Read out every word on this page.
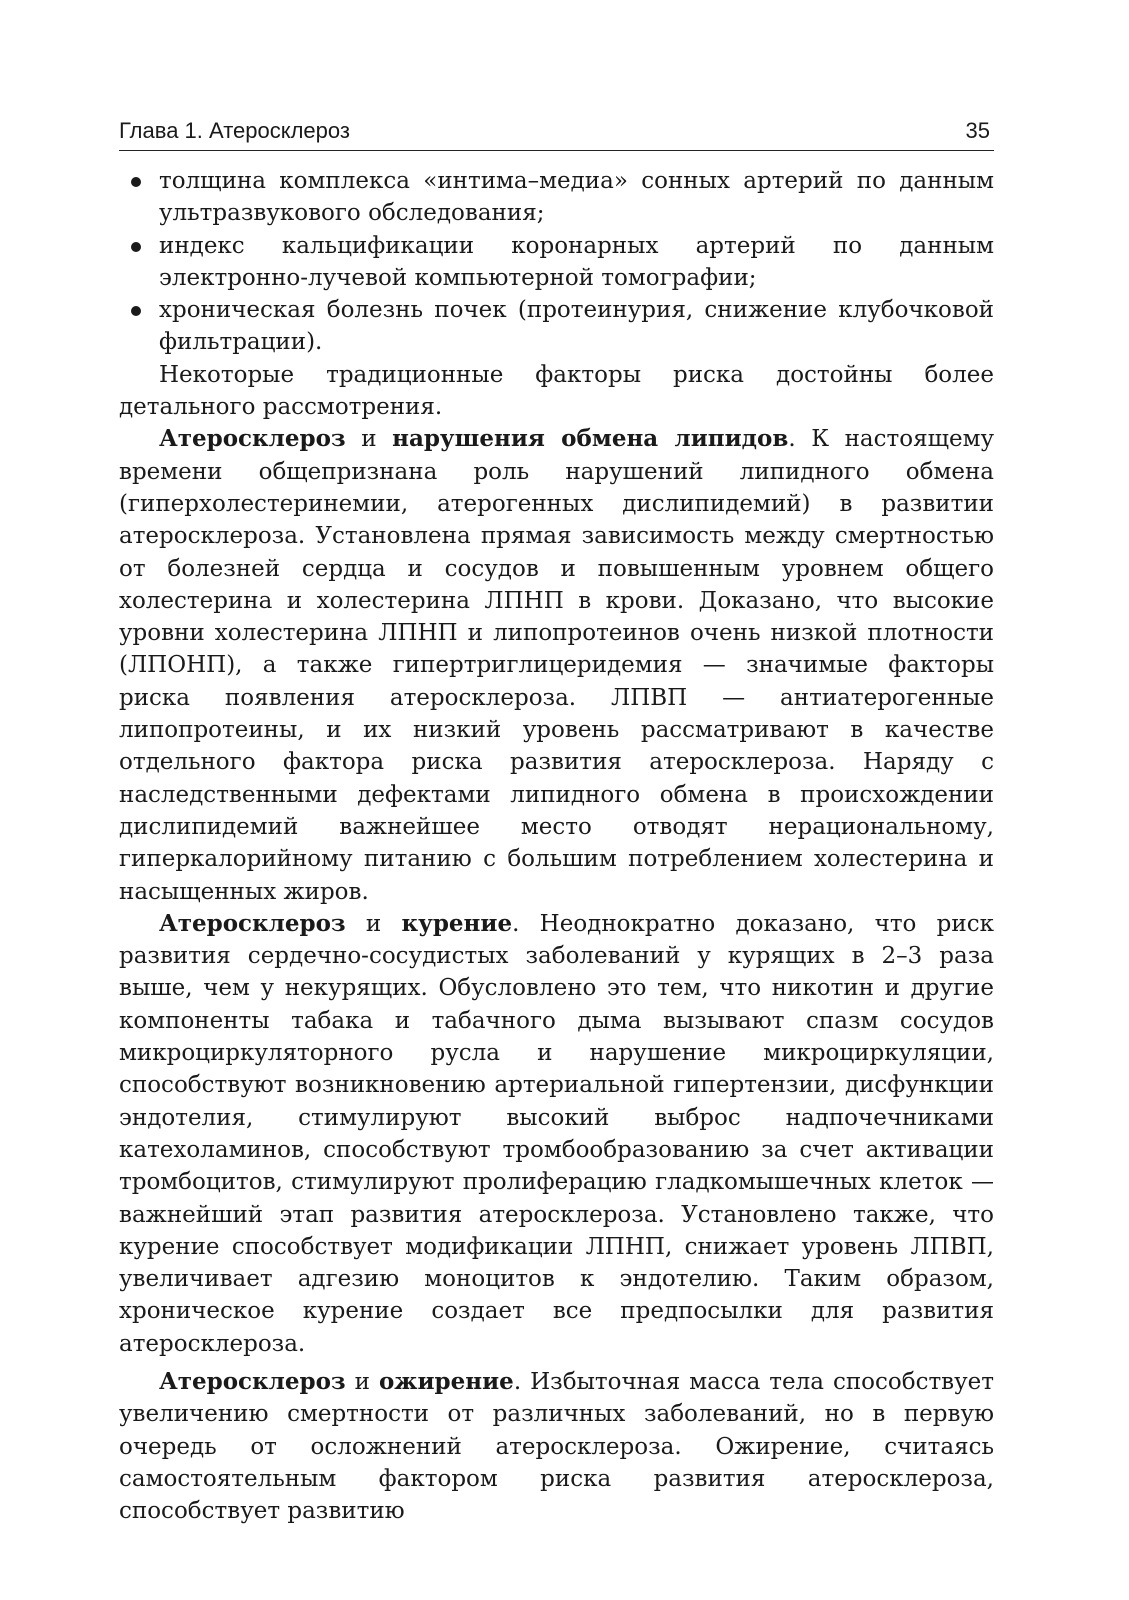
Глава 1. Атеросклероз	35
толщина комплекса «интима–медиа» сонных артерий по данным ультразвукового обследования;
индекс кальцификации коронарных артерий по данным электронно-лучевой компьютерной томографии;
хроническая болезнь почек (протеинурия, снижение клубочковой фильтрации).

Некоторые традиционные факторы риска достойны более детального рассмотрения.

Атеросклероз и нарушения обмена липидов. К настоящему времени общепризнана роль нарушений липидного обмена (гиперхолестеринемии, атерогенных дислипидемий) в развитии атеросклероза. Установлена прямая зависимость между смертностью от болезней сердца и сосудов и повышенным уровнем общего холестерина и холестерина ЛПНП в крови. Доказано, что высокие уровни холестерина ЛПНП и липопротеинов очень низкой плотности (ЛПОНП), а также гипертриглицеридемия — значимые факторы риска появления атеросклероза. ЛПВП — антиатерогенные липопротеины, и их низкий уровень рассматривают в качестве отдельного фактора риска развития атеросклероза. Наряду с наследственными дефектами липидного обмена в происхождении дислипидемий важнейшее место отводят нерациональному, гиперкалорийному питанию с большим потреблением холестерина и насыщенных жиров.

Атеросклероз и курение. Неоднократно доказано, что риск развития сердечно-сосудистых заболеваний у курящих в 2–3 раза выше, чем у некурящих. Обусловлено это тем, что никотин и другие компоненты табака и табачного дыма вызывают спазм сосудов микроциркуляторного русла и нарушение микроциркуляции, способствуют возникновению артериальной гипертензии, дисфункции эндотелия, стимулируют высокий выброс надпочечниками катехоламинов, способствуют тромбообразованию за счет активации тромбоцитов, стимулируют пролиферацию гладкомышечных клеток — важнейший этап развития атеросклероза. Установлено также, что курение способствует модификации ЛПНП, снижает уровень ЛПВП, увеличивает адгезию моноцитов к эндотелию. Таким образом, хроническое курение создает все предпосылки для развития атеросклероза.

Атеросклероз и ожирение. Избыточная масса тела способствует увеличению смертности от различных заболеваний, но в первую очередь от осложнений атеросклероза. Ожирение, считаясь самостоятельным фактором риска развития атеросклероза, способствует развитию
